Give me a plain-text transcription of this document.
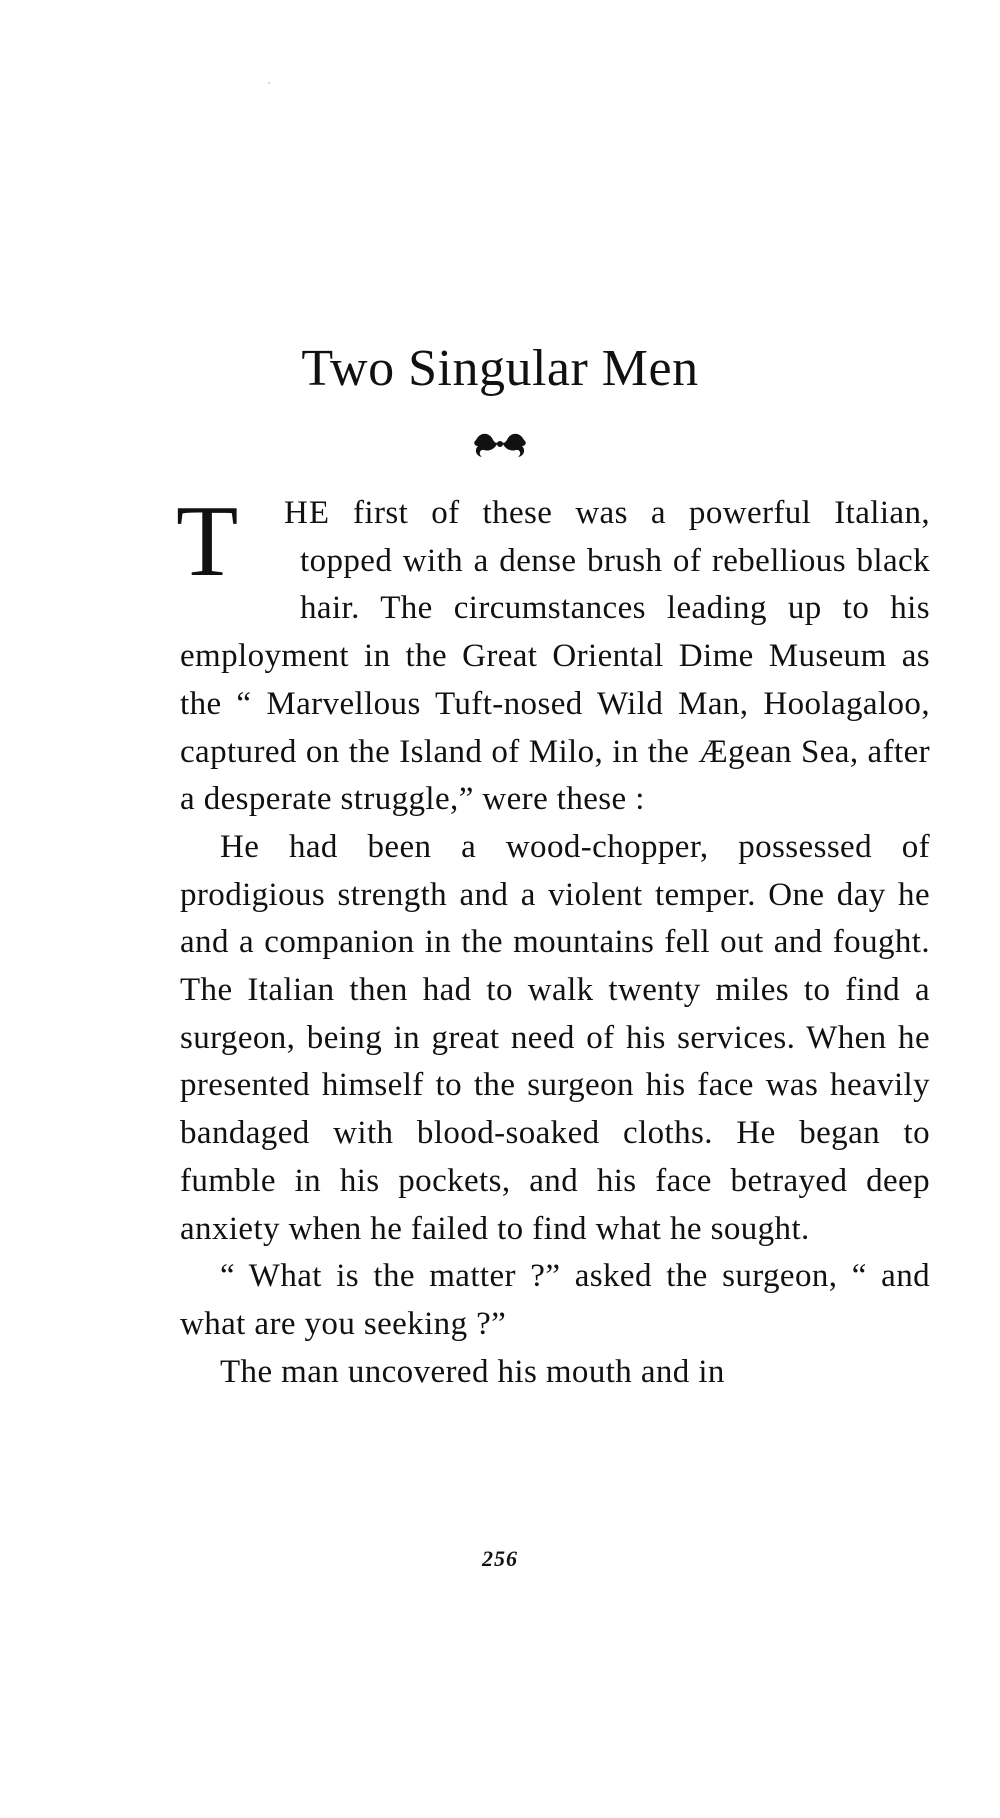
Two Singular Men

T HE first of these was a powerful Italian, topped with a dense brush of rebellious black hair. The circumstances leading up to his employment in the Great Oriental Dime Museum as the “ Marvellous Tuft-nosed Wild Man, Hoolagaloo, captured on the Island of Milo, in the Ægean Sea, after a desperate struggle,” were these :

He had been a wood-chopper, possessed of prodigious strength and a violent temper. One day he and a companion in the mountains fell out and fought. The Italian then had to walk twenty miles to find a surgeon, being in great need of his services. When he presented himself to the surgeon his face was heavily bandaged with blood-soaked cloths. He began to fumble in his pockets, and his face betrayed deep anxiety when he failed to find what he sought.

“ What is the matter ?” asked the surgeon, “ and what are you seeking ?”

The man uncovered his mouth and in

256
